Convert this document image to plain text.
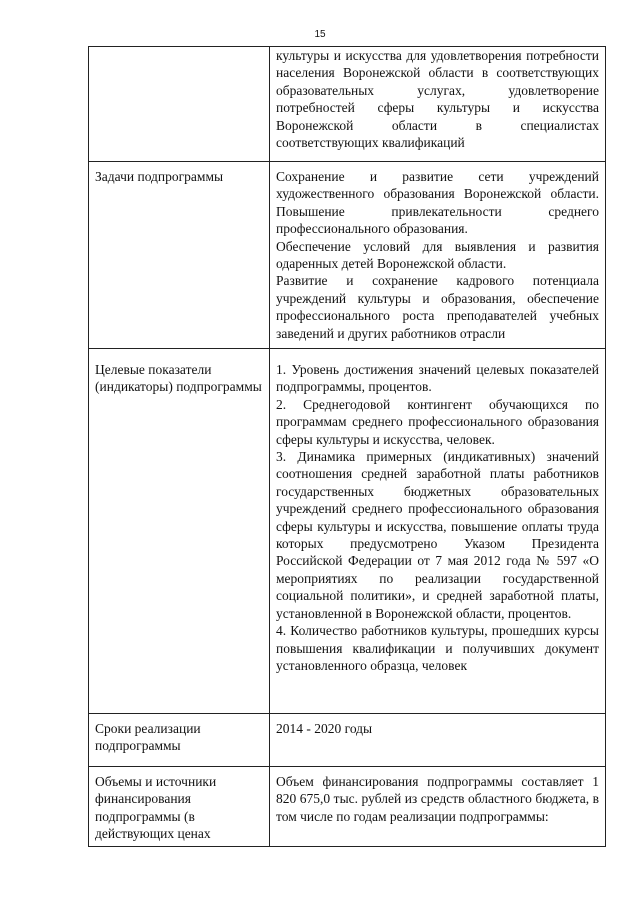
15

	культуры и искусства для удовлетворения потребности населения Воронежской области в соответствующих образовательных услугах, удовлетворение потребностей сферы культуры и искусства Воронежской области в специалистах соответствующих квалификаций

Задачи подпрограммы	Сохранение и развитие сети учреждений художественного образования Воронежской области. Повышение привлекательности среднего профессионального образования.
Обеспечение условий для выявления и развития одаренных детей Воронежской области.
Развитие и сохранение кадрового потенциала учреждений культуры и образования, обеспечение профессионального роста преподавателей учебных заведений и других работников отрасли

Целевые показатели (индикаторы) подпрограммы	1. Уровень достижения значений целевых показателей подпрограммы, процентов.
2. Среднегодовой контингент обучающихся по программам среднего профессионального образования сферы культуры и искусства, человек.
3. Динамика примерных (индикативных) значений соотношения средней заработной платы работников государственных бюджетных образовательных учреждений среднего профессионального образования сферы культуры и искусства, повышение оплаты труда которых предусмотрено Указом Президента Российской Федерации от 7 мая 2012 года № 597 «О мероприятиях по реализации государственной социальной политики», и средней заработной платы, установленной в Воронежской области, процентов.
4. Количество работников культуры, прошедших курсы повышения квалификации и получивших документ установленного образца, человек

Сроки реализации подпрограммы	2014 - 2020 годы

Объемы и источники финансирования подпрограммы (в действующих ценах	Объем финансирования подпрограммы составляет 1 820 675,0 тыс. рублей из средств областного бюджета, в том числе по годам реализации подпрограммы:
